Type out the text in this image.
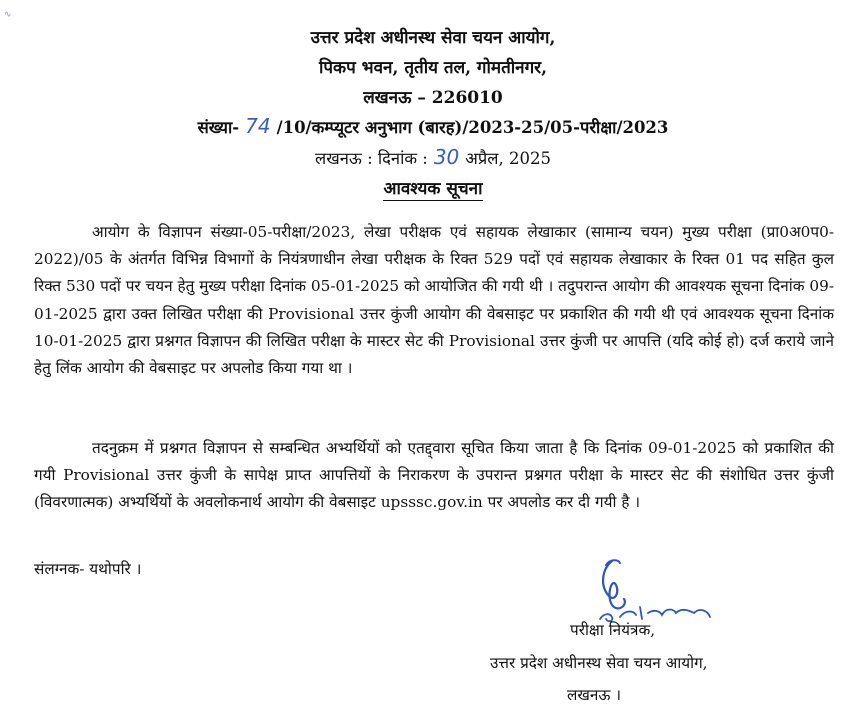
∿
उत्तर प्रदेश अधीनस्थ सेवा चयन आयोग,
पिकप भवन, तृतीय तल, गोमतीनगर,
लखनऊ – 226010
संख्या- 74 /10/कम्प्यूटर अनुभाग (बारह)/2023-25/05-परीक्षा/2023
लखनऊ : दिनांक : 30 अप्रैल, 2025
आवश्यक सूचना
आयोग के विज्ञापन संख्या-05-परीक्षा/2023, लेखा परीक्षक एवं सहायक लेखाकार (सामान्य चयन) मुख्य परीक्षा (प्रा0अ0प0-2022)/05 के अंतर्गत विभिन्न विभागों के नियंत्रणाधीन लेखा परीक्षक के रिक्त 529 पदों एवं सहायक लेखाकार के रिक्त 01 पद सहित कुल रिक्त 530 पदों पर चयन हेतु मुख्य परीक्षा दिनांक 05-01-2025 को आयोजित की गयी थी । तदुपरान्त आयोग की आवश्यक सूचना दिनांक 09-01-2025 द्वारा उक्त लिखित परीक्षा की Provisional उत्तर कुंजी आयोग की वेबसाइट पर प्रकाशित की गयी थी एवं आवश्यक सूचना दिनांक 10-01-2025 द्वारा प्रश्नगत विज्ञापन की लिखित परीक्षा के मास्टर सेट की Provisional उत्तर कुंजी पर आपत्ति (यदि कोई हो) दर्ज कराये जाने हेतु लिंक आयोग की वेबसाइट पर अपलोड किया गया था ।
तदनुक्रम में प्रश्नगत विज्ञापन से सम्बन्धित अभ्यर्थियों को एतद्द्वारा सूचित किया जाता है कि दिनांक 09-01-2025 को प्रकाशित की गयी Provisional उत्तर कुंजी के सापेक्ष प्राप्त आपत्तियों के निराकरण के उपरान्त प्रश्नगत परीक्षा के मास्टर सेट की संशोधित उत्तर कुंजी (विवरणात्मक) अभ्यर्थियों के अवलोकनार्थ आयोग की वेबसाइट upsssc.gov.in पर अपलोड कर दी गयी है ।
संलग्नक- यथोपरि ।
परीक्षा नियंत्रक,
उत्तर प्रदेश अधीनस्थ सेवा चयन आयोग,
लखनऊ ।
